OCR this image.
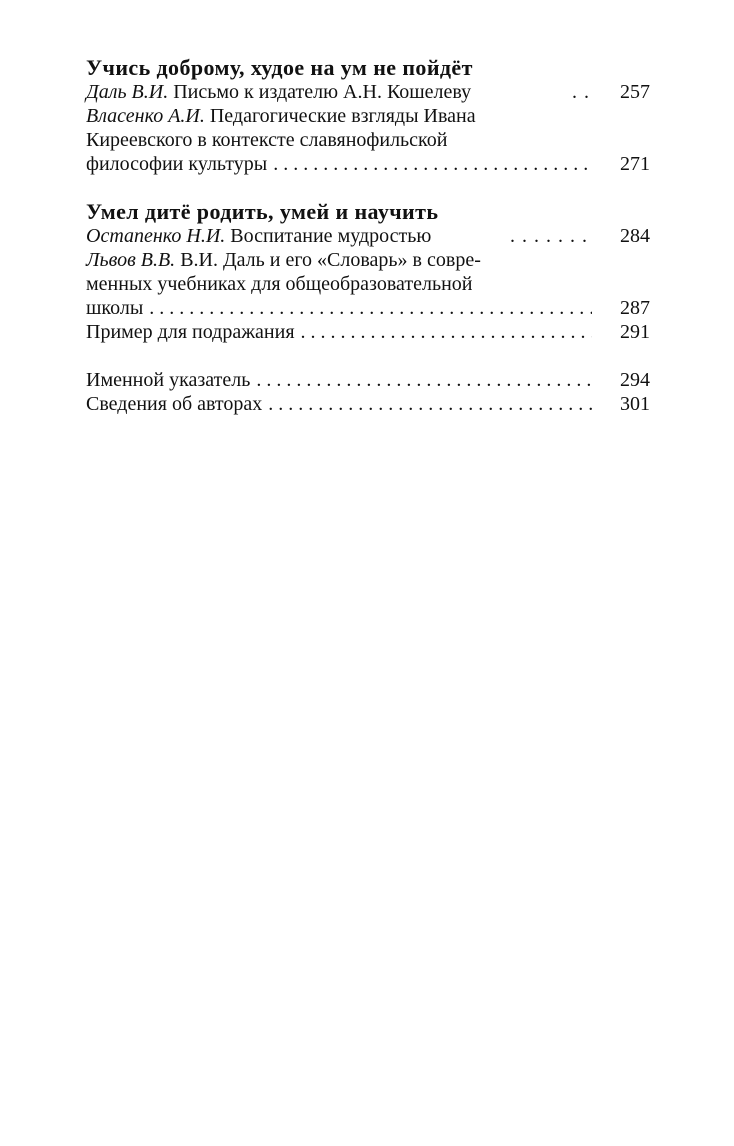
Учись доброму, худое на ум не пойдёт
Даль В.И. Письмо к издателю А.Н. Кошелеву	. . 257
Власенко А.И. Педагогические взгляды Ивана
Киреевского в контексте славянофильской
философии культуры . . .	271
Умел дитё родить, умей и научить
Остапенко Н.И. Воспитание мудростью	. . . . . . . 284
Львов В.В. В.И. Даль и его «Словарь» в совре-
менных учебниках для общеобразовательной
школы . . .	287
Пример для подражания . . .	291
Именной указатель . . .	294
Сведения об авторах . . .	301
